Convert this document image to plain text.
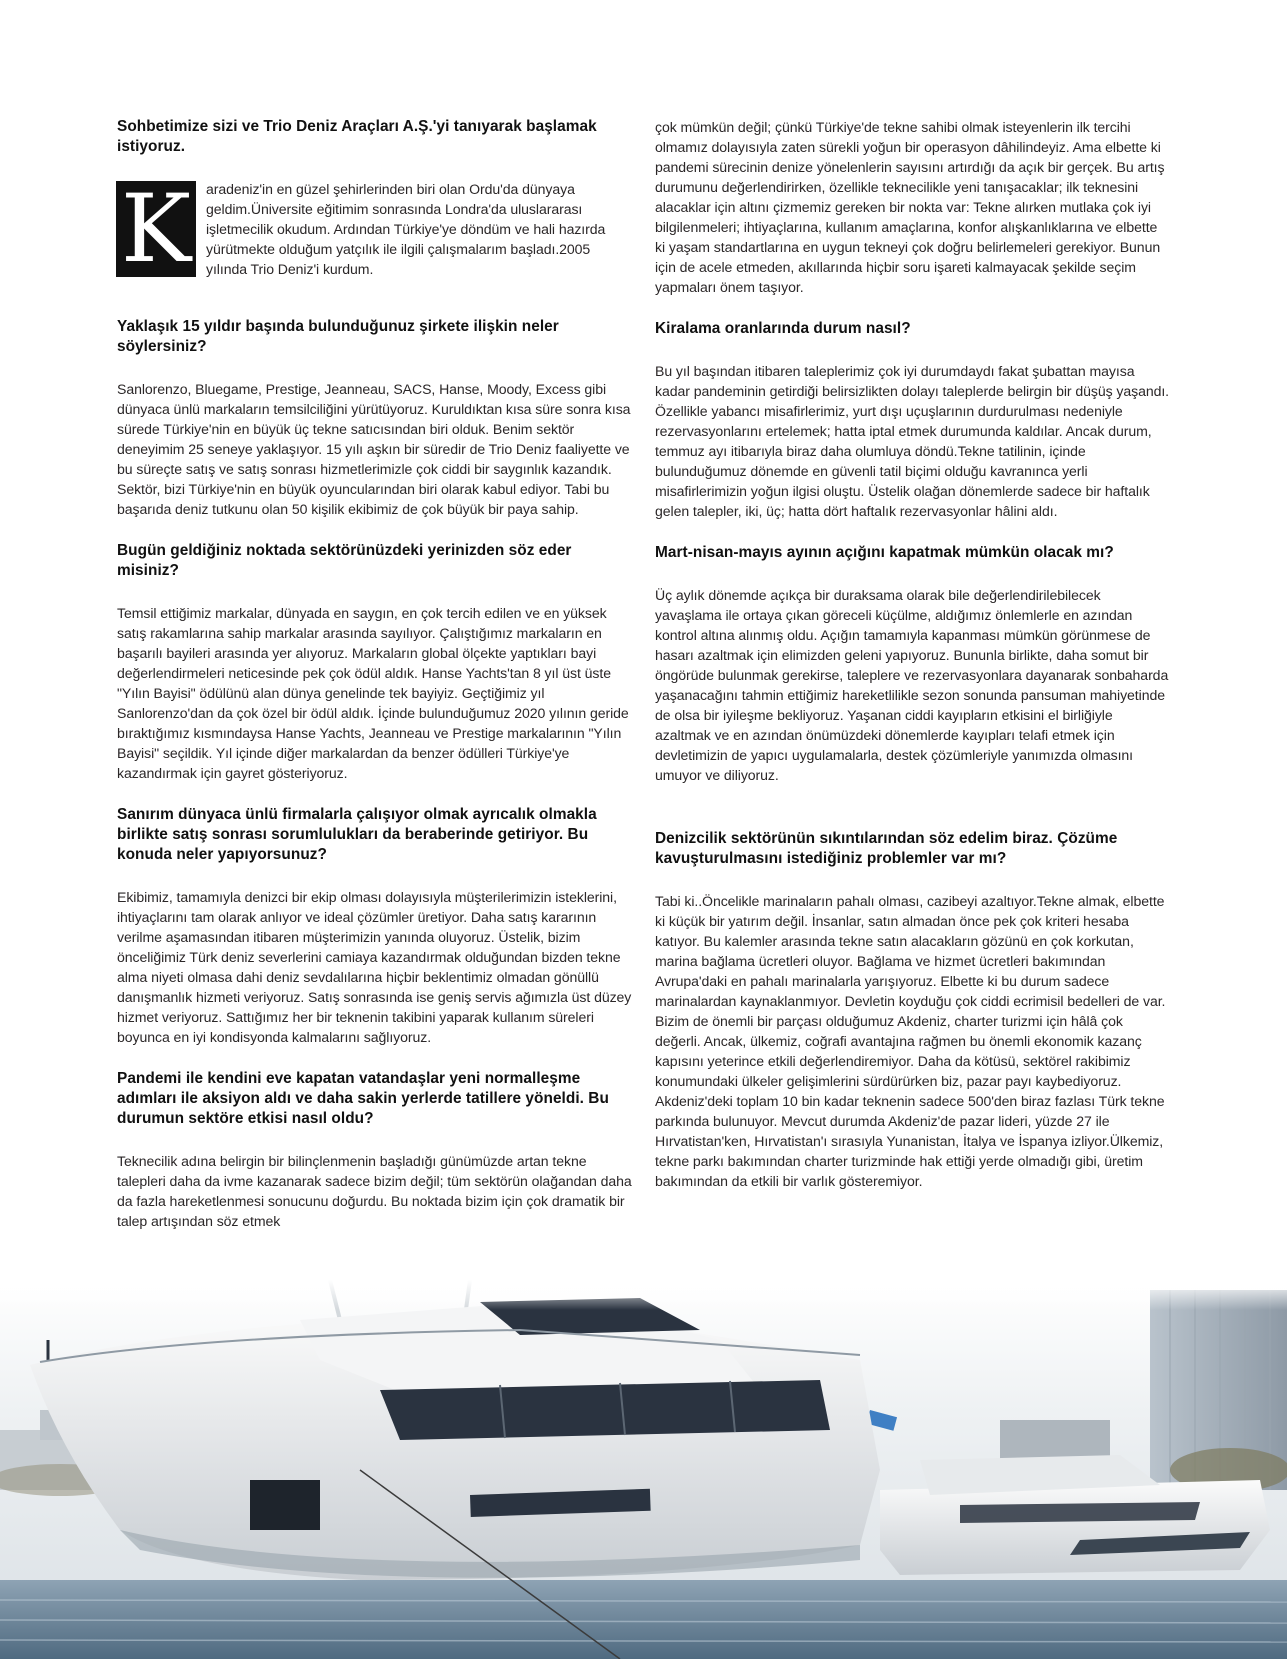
Sohbetimize sizi ve Trio Deniz Araçları A.Ş.'yi tanıyarak başlamak istiyoruz.
K	aradeniz'in en güzel şehirlerinden biri olan Ordu'da dünyaya geldim.Üniversite eğitimim sonrasında Londra'da uluslararası işletmecilik okudum. Ardından Türkiye'ye döndüm ve hali hazırda yürütmekte olduğum yatçılık ile ilgili çalışmalarım başladı.2005 yılında Trio Deniz'i kurdum.
Yaklaşık 15 yıldır başında bulunduğunuz şirkete ilişkin neler söylersiniz?
Sanlorenzo, Bluegame, Prestige, Jeanneau, SACS, Hanse, Moody, Excess gibi dünyaca ünlü markaların temsilciliğini yürütüyoruz. Kuruldıktan kısa süre sonra kısa sürede Türkiye'nin en büyük üç tekne satıcısından biri olduk. Benim sektör deneyimim 25 seneye yaklaşıyor. 15 yılı aşkın bir süredir de Trio Deniz faaliyette ve bu süreçte satış ve satış sonrası hizmetlerimizle çok ciddi bir saygınlık kazandık. Sektör, bizi Türkiye'nin en büyük oyuncularından biri olarak kabul ediyor. Tabi bu başarıda deniz tutkunu olan 50 kişilik ekibimiz de çok büyük bir paya sahip.
Bugün geldiğiniz noktada sektörünüzdeki yerinizden söz eder misiniz?
Temsil ettiğimiz markalar, dünyada en saygın, en çok tercih edilen ve en yüksek satış rakamlarına sahip markalar arasında sayılıyor. Çalıştığımız markaların en başarılı bayileri arasında yer alıyoruz. Markaların global ölçekte yaptıkları bayi değerlendirmeleri neticesinde pek çok ödül aldık. Hanse Yachts'tan 8 yıl üst üste "Yılın Bayisi" ödülünü alan dünya genelinde tek bayiyiz. Geçtiğimiz yıl Sanlorenzo'dan da çok özel bir ödül aldık. İçinde bulunduğumuz 2020 yılının geride bıraktığımız kısmındaysa Hanse Yachts, Jeanneau ve Prestige markalarının "Yılın Bayisi" seçildik. Yıl içinde diğer markalardan da benzer ödülleri Türkiye'ye kazandırmak için gayret gösteriyoruz.
Sanırım dünyaca ünlü firmalarla çalışıyor olmak ayrıcalık olmakla birlikte satış sonrası sorumlulukları da beraberinde getiriyor. Bu konuda neler yapıyorsunuz?
Ekibimiz, tamamıyla denizci bir ekip olması dolayısıyla müşterilerimizin isteklerini, ihtiyaçlarını tam olarak anlıyor ve ideal çözümler üretiyor. Daha satış kararının verilme aşamasından itibaren müşterimizin yanında oluyoruz. Üstelik, bizim önceliğimiz Türk deniz severlerini camiaya kazandırmak olduğundan bizden tekne alma niyeti olmasa dahi deniz sevdalılarına hiçbir beklentimiz olmadan gönüllü danışmanlık hizmeti veriyoruz. Satış sonrasında ise geniş servis ağımızla üst düzey hizmet veriyoruz. Sattığımız her bir teknenin takibini yaparak kullanım süreleri boyunca en iyi kondisyonda kalmalarını sağlıyoruz.
Pandemi ile kendini eve kapatan vatandaşlar yeni normalleşme adımları ile aksiyon aldı ve daha sakin yerlerde tatillere yöneldi. Bu durumun sektöre etkisi nasıl oldu?
Teknecilik adına belirgin bir bilinçlenmenin başladığı günümüzde artan tekne talepleri daha da ivme kazanarak sadece bizim değil; tüm sektörün olağandan daha da fazla hareketlenmesi sonucunu doğurdu. Bu noktada bizim için çok dramatik bir talep artışından söz etmek
çok mümkün değil; çünkü Türkiye'de tekne sahibi olmak isteyenlerin ilk tercihi olmamız dolayısıyla zaten sürekli yoğun bir operasyon dâhilindeyiz. Ama elbette ki pandemi sürecinin denize yönelenlerin sayısını artırdığı da açık bir gerçek. Bu artış durumunu değerlendirirken, özellikle teknecilikle yeni tanışacaklar; ilk teknesini alacaklar için altını çizmemiz gereken bir nokta var: Tekne alırken mutlaka çok iyi bilgilenmeleri; ihtiyaçlarına, kullanım amaçlarına, konfor alışkanlıklarına ve elbette ki yaşam standartlarına en uygun tekneyi çok doğru belirlemeleri gerekiyor. Bunun için de acele etmeden, akıllarında hiçbir soru işareti kalmayacak şekilde seçim yapmaları önem taşıyor.
Kiralama oranlarında durum nasıl?
Bu yıl başından itibaren taleplerimiz çok iyi durumdaydı fakat şubattan mayısa kadar pandeminin getirdiği belirsizlikten dolayı taleplerde belirgin bir düşüş yaşandı. Özellikle yabancı misafirlerimiz, yurt dışı uçuşlarının durdurulması nedeniyle rezervasyonlarını ertelemek; hatta iptal etmek durumunda kaldılar. Ancak durum, temmuz ayı itibarıyla biraz daha olumluya döndü.Tekne tatilinin, içinde bulunduğumuz dönemde en güvenli tatil biçimi olduğu kavranınca yerli misafirlerimizin yoğun ilgisi oluştu. Üstelik olağan dönemlerde sadece bir haftalık gelen talepler, iki, üç; hatta dört haftalık rezervasyonlar hâlini aldı.
Mart-nisan-mayıs ayının açığını kapatmak mümkün olacak mı?
Üç aylık dönemde açıkça bir duraksama olarak bile değerlendirilebilecek yavaşlama ile ortaya çıkan göreceli küçülme, aldığımız önlemlerle en azından kontrol altına alınmış oldu. Açığın tamamıyla kapanması mümkün görünmese de hasarı azaltmak için elimizden geleni yapıyoruz. Bununla birlikte, daha somut bir öngörüde bulunmak gerekirse, taleplere ve rezervasyonlara dayanarak sonbaharda yaşanacağını tahmin ettiğimiz hareketlilikle sezon sonunda pansuman mahiyetinde de olsa bir iyileşme bekliyoruz. Yaşanan ciddi kayıpların etkisini el birliğiyle azaltmak ve en azından önümüzdeki dönemlerde kayıpları telafi etmek için devletimizin de yapıcı uygulamalarla, destek çözümleriyle yanımızda olmasını umuyor ve diliyoruz.
Denizcilik sektörünün sıkıntılarından söz edelim biraz. Çözüme kavuşturulmasını istediğiniz problemler var mı?
Tabi ki..Öncelikle marinaların pahalı olması, cazibeyi azaltıyor.Tekne almak, elbette ki küçük bir yatırım değil. İnsanlar, satın almadan önce pek çok kriteri hesaba katıyor. Bu kalemler arasında tekne satın alacakların gözünü en çok korkutan, marina bağlama ücretleri oluyor. Bağlama ve hizmet ücretleri bakımından Avrupa'daki en pahalı marinalarla yarışıyoruz. Elbette ki bu durum sadece marinalardan kaynaklanmıyor. Devletin koyduğu çok ciddi ecrimisil bedelleri de var. Bizim de önemli bir parçası olduğumuz Akdeniz, charter turizmi için hâlâ çok değerli. Ancak, ülkemiz, coğrafi avantajına rağmen bu önemli ekonomik kazanç kapısını yeterince etkili değerlendiremiyor. Daha da kötüsü, sektörel rakibimiz konumundaki ülkeler gelişimlerini sürdürürken biz, pazar payı kaybediyoruz. Akdeniz'deki toplam 10 bin kadar teknenin sadece 500'den biraz fazlası Türk tekne parkında bulunuyor. Mevcut durumda Akdeniz'de pazar lideri, yüzde 27 ile Hırvatistan'ken, Hırvatistan'ı sırasıyla Yunanistan, İtalya ve İspanya izliyor.Ülkemiz, tekne parkı bakımından charter turizminde hak ettiği yerde olmadığı gibi, üretim bakımından da etkili bir varlık gösteremiyor.
